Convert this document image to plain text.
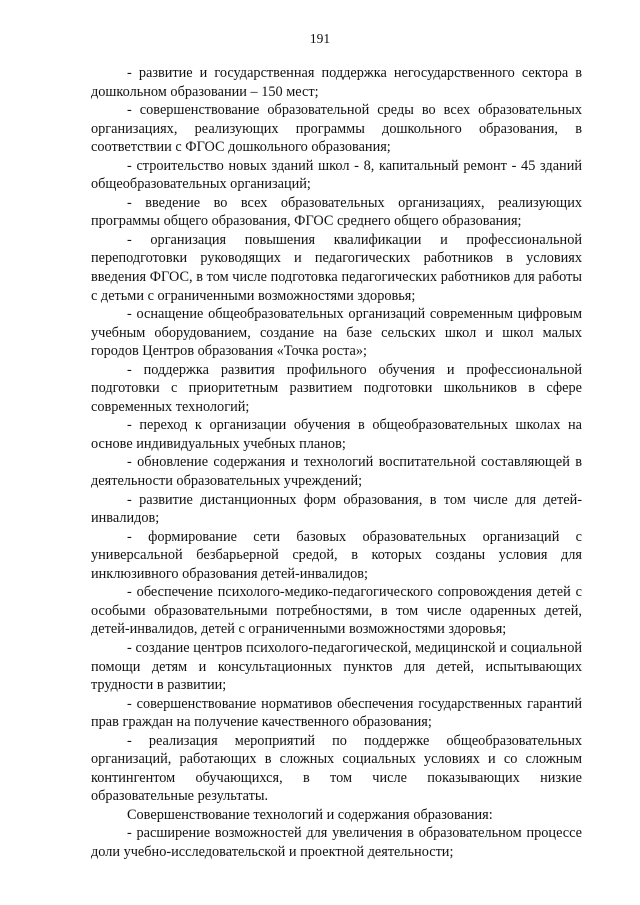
191

- развитие и государственная поддержка негосударственного сектора в дошкольном образовании – 150 мест;

- совершенствование образовательной среды во всех образовательных организациях, реализующих программы дошкольного образования, в соответствии с ФГОС дошкольного образования;

- строительство новых зданий школ - 8, капитальный ремонт - 45 зданий общеобразовательных организаций;

- введение во всех образовательных организациях, реализующих программы общего образования, ФГОС среднего общего образования;

- организация повышения квалификации и профессиональной переподготовки руководящих и педагогических работников в условиях введения ФГОС, в том числе подготовка педагогических работников для работы с детьми с ограниченными возможностями здоровья;

- оснащение общеобразовательных организаций современным цифровым учебным оборудованием, создание на базе сельских школ и школ малых городов Центров образования «Точка роста»;

- поддержка развития профильного обучения и профессиональной подготовки с приоритетным развитием подготовки школьников в сфере современных технологий;

- переход к организации обучения в общеобразовательных школах на основе индивидуальных учебных планов;

- обновление содержания и технологий воспитательной составляющей в деятельности образовательных учреждений;

- развитие дистанционных форм образования, в том числе для детей-инвалидов;

- формирование сети базовых образовательных организаций с универсальной безбарьерной средой, в которых созданы условия для инклюзивного образования детей-инвалидов;

- обеспечение психолого-медико-педагогического сопровождения детей с особыми образовательными потребностями, в том числе одаренных детей, детей-инвалидов, детей с ограниченными возможностями здоровья;

- создание центров психолого-педагогической, медицинской и социальной помощи детям и консультационных пунктов для детей, испытывающих трудности в развитии;

- совершенствование нормативов обеспечения государственных гарантий прав граждан на получение качественного образования;

- реализация мероприятий по поддержке общеобразовательных организаций, работающих в сложных социальных условиях и со сложным контингентом обучающихся, в том числе показывающих низкие образовательные результаты.

Совершенствование технологий и содержания образования:

- расширение возможностей для увеличения в образовательном процессе доли учебно-исследовательской и проектной деятельности;
